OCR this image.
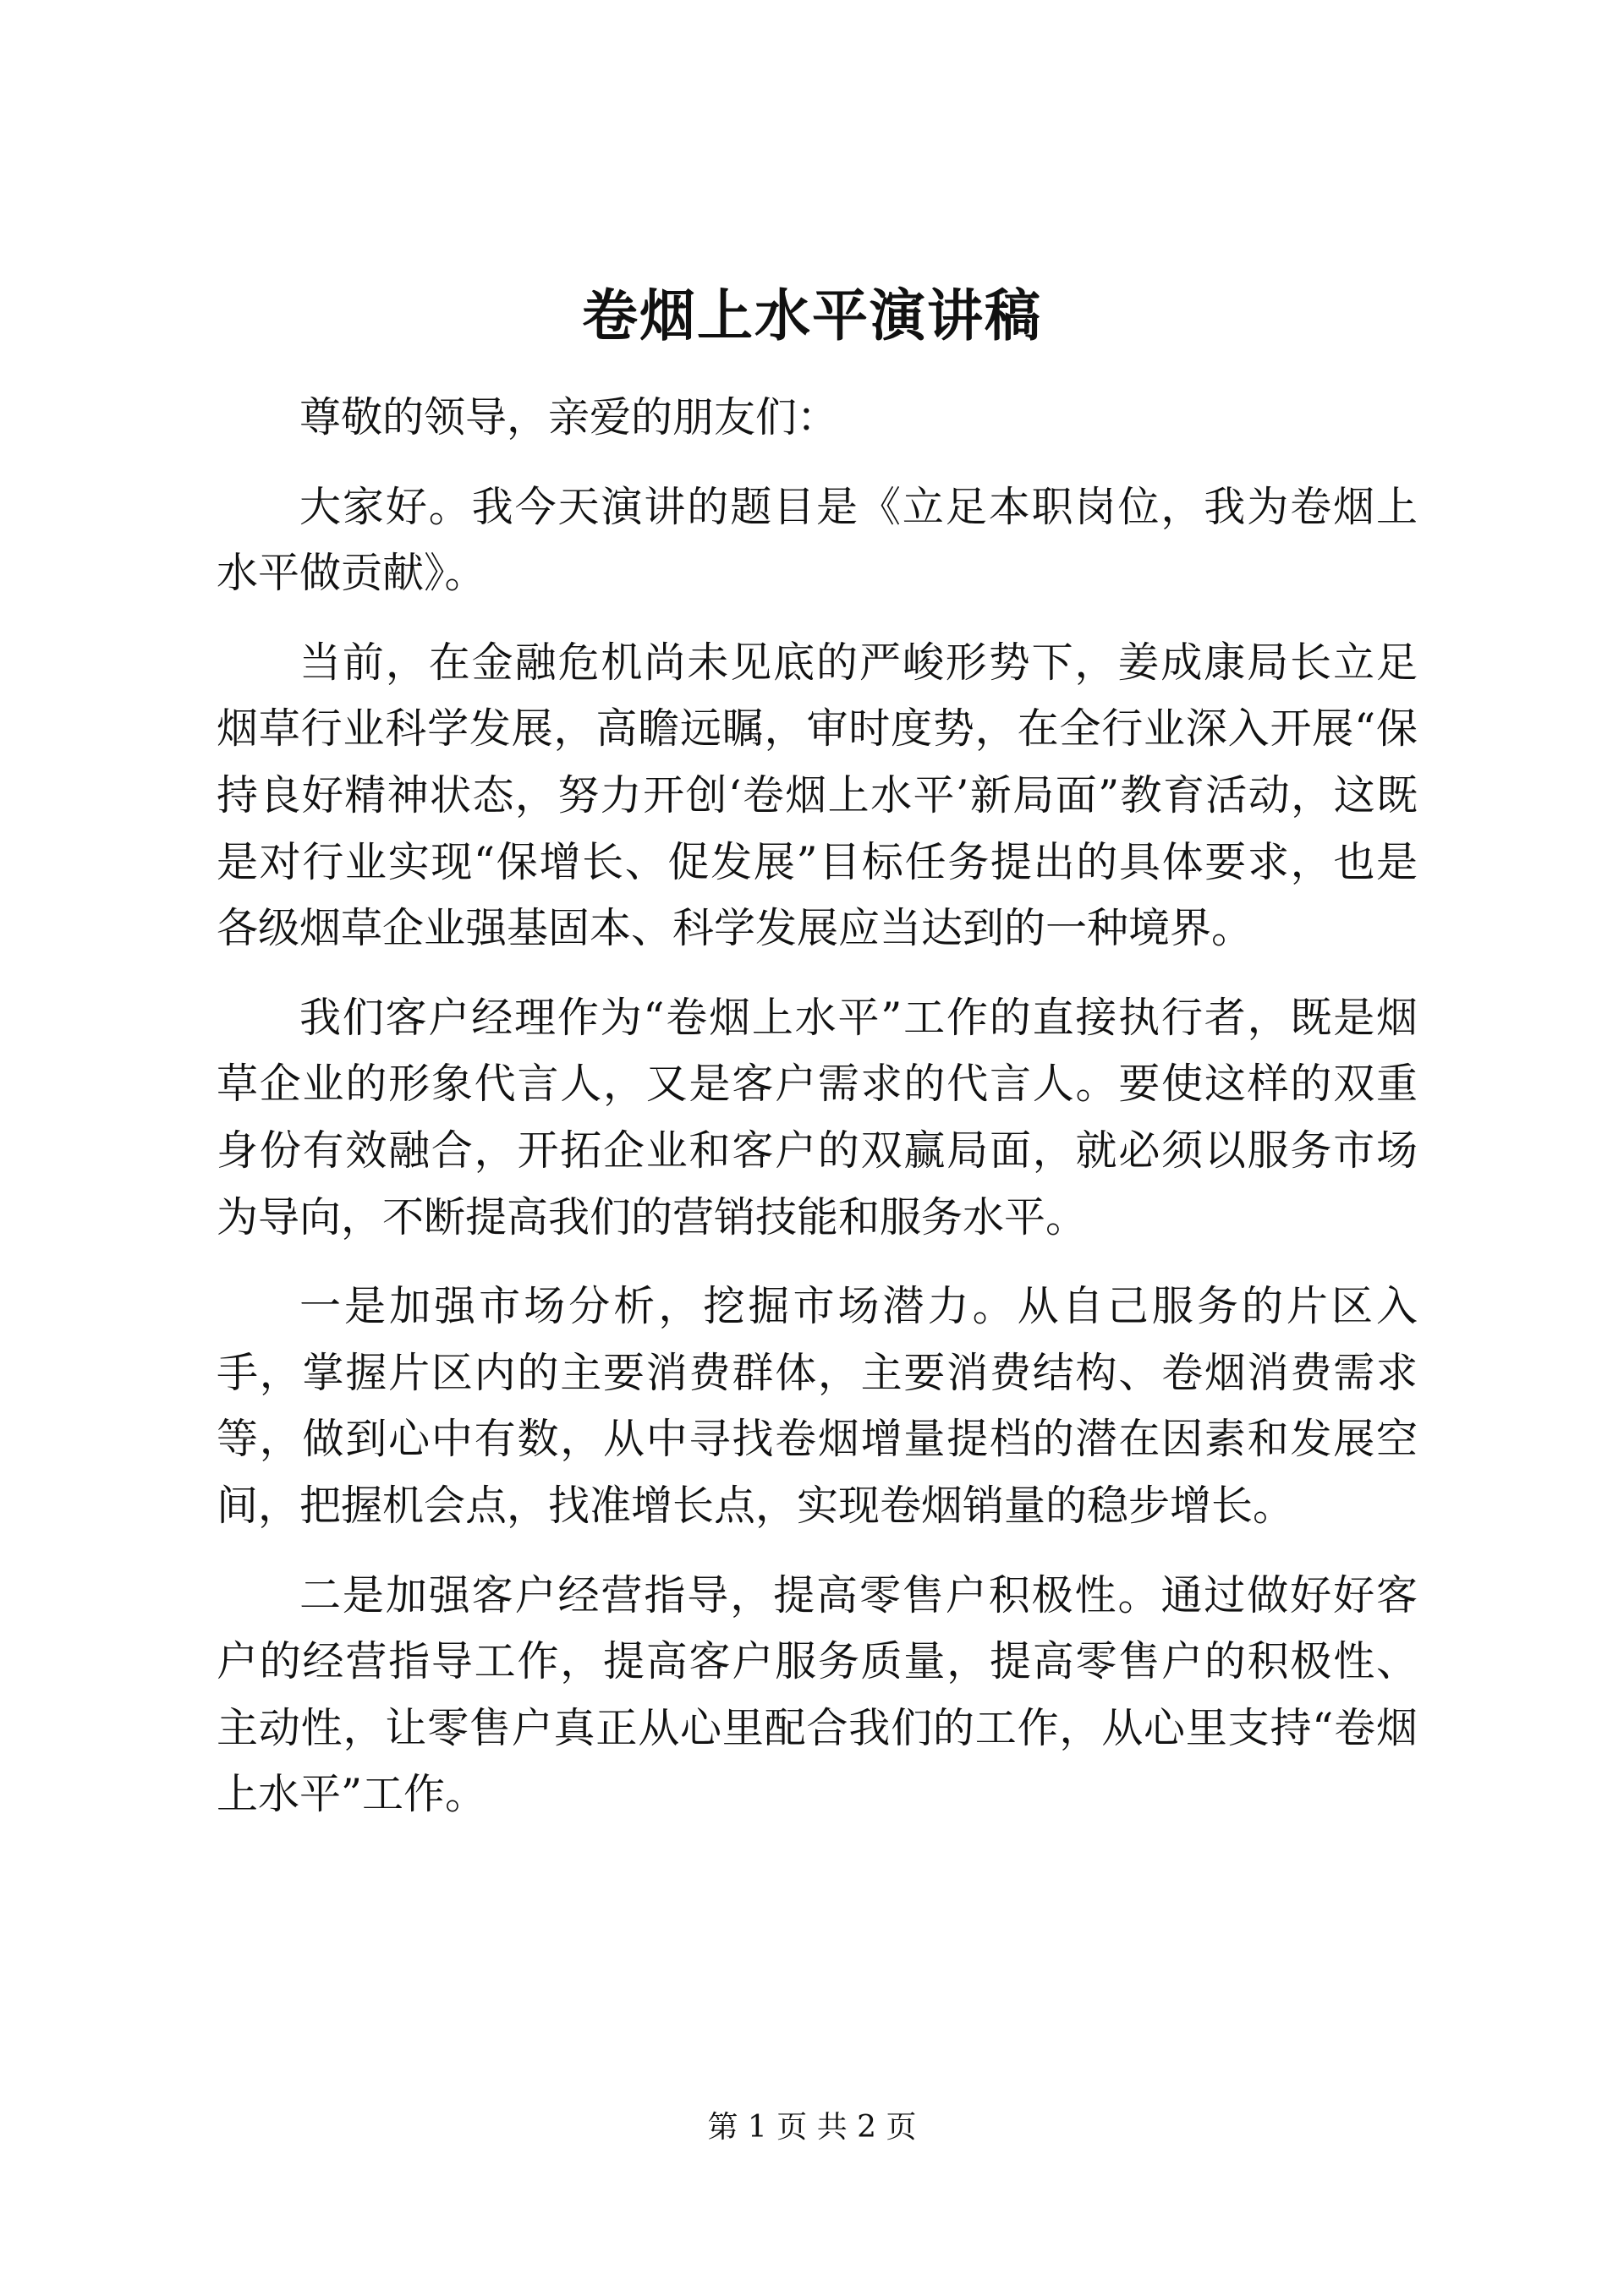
卷烟上水平演讲稿

尊敬的领导，亲爱的朋友们：

大家好。我今天演讲的题目是《立足本职岗位，我为卷烟上水平做贡献》。

当前，在金融危机尚未见底的严峻形势下，姜成康局长立足烟草行业科学发展，高瞻远瞩，审时度势，在全行业深入开展“保持良好精神状态，努力开创‘卷烟上水平’新局面”教育活动，这既是对行业实现“保增长、促发展”目标任务提出的具体要求，也是各级烟草企业强基固本、科学发展应当达到的一种境界。

我们客户经理作为“卷烟上水平”工作的直接执行者，既是烟草企业的形象代言人，又是客户需求的代言人。要使这样的双重身份有效融合，开拓企业和客户的双赢局面，就必须以服务市场为导向，不断提高我们的营销技能和服务水平。

一是加强市场分析，挖掘市场潜力。从自己服务的片区入手，掌握片区内的主要消费群体，主要消费结构、卷烟消费需求等，做到心中有数，从中寻找卷烟增量提档的潜在因素和发展空间，把握机会点，找准增长点，实现卷烟销量的稳步增长。

二是加强客户经营指导，提高零售户积极性。通过做好好客户的经营指导工作，提高客户服务质量，提高零售户的积极性、主动性，让零售户真正从心里配合我们的工作，从心里支持“卷烟上水平”工作。

第 1 页 共 2 页
